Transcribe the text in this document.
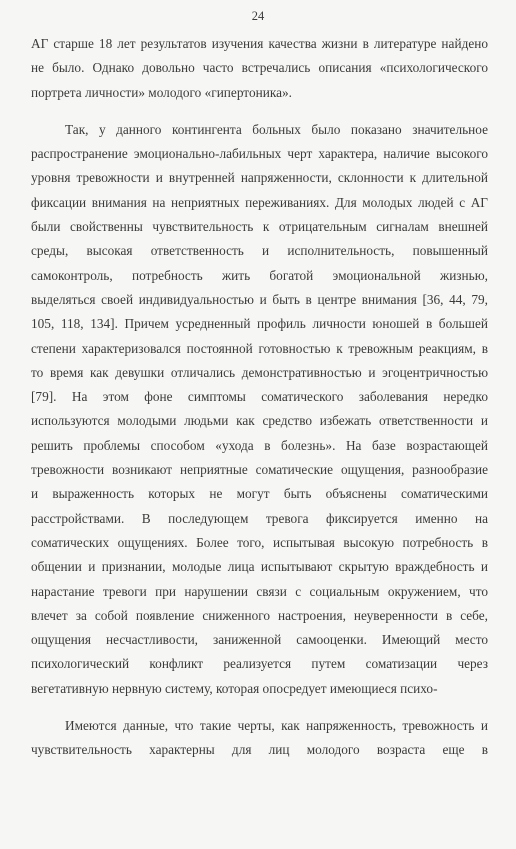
24
АГ старше 18 лет результатов изучения качества жизни в литературе найдено
не было. Однако довольно часто встречались описания «психологического
портрета личности» молодого «гипертоника».
Так, у данного контингента больных было показано значительное
распространение эмоционально-лабильных черт характера, наличие высокого
уровня тревожности и внутренней напряженности, склонности к длительной
фиксации внимания на неприятных переживаниях. Для молодых людей с АГ
были свойственны чувствительность к отрицательным сигналам внешней
среды, высокая ответственность и исполнительность, повышенный
самоконтроль, потребность жить богатой эмоциональной жизнью,
выделяться своей индивидуальностью и быть в центре внимания [36, 44, 79,
105, 118, 134]. Причем усредненный профиль личности юношей в большей
степени характеризовался постоянной готовностью к тревожным реакциям, в
то время как девушки отличались демонстративностью и эгоцентричностью
[79]. На этом фоне симптомы соматического заболевания нередко
используются молодыми людьми как средство избежать ответственности и
решить проблемы способом «ухода в болезнь». На базе возрастающей
тревожности возникают неприятные соматические ощущения, разнообразие
и выраженность которых не могут быть объяснены соматическими
расстройствами. В последующем тревога фиксируется именно на
соматических ощущениях. Более того, испытывая высокую потребность в
общении и признании, молодые лица испытывают скрытую враждебность и
нарастание тревоги при нарушении связи с социальным окружением, что
влечет за собой появление сниженного настроения, неуверенности в себе,
ощущения несчастливости, заниженной самооценки. Имеющий место
психологический конфликт реализуется путем соматизации через
вегетативную нервную систему, которая опосредует имеющиеся психо-
Имеются данные, что такие черты, как напряженность, тревожность и
чувствительность характерны для лиц молодого возраста еще в
